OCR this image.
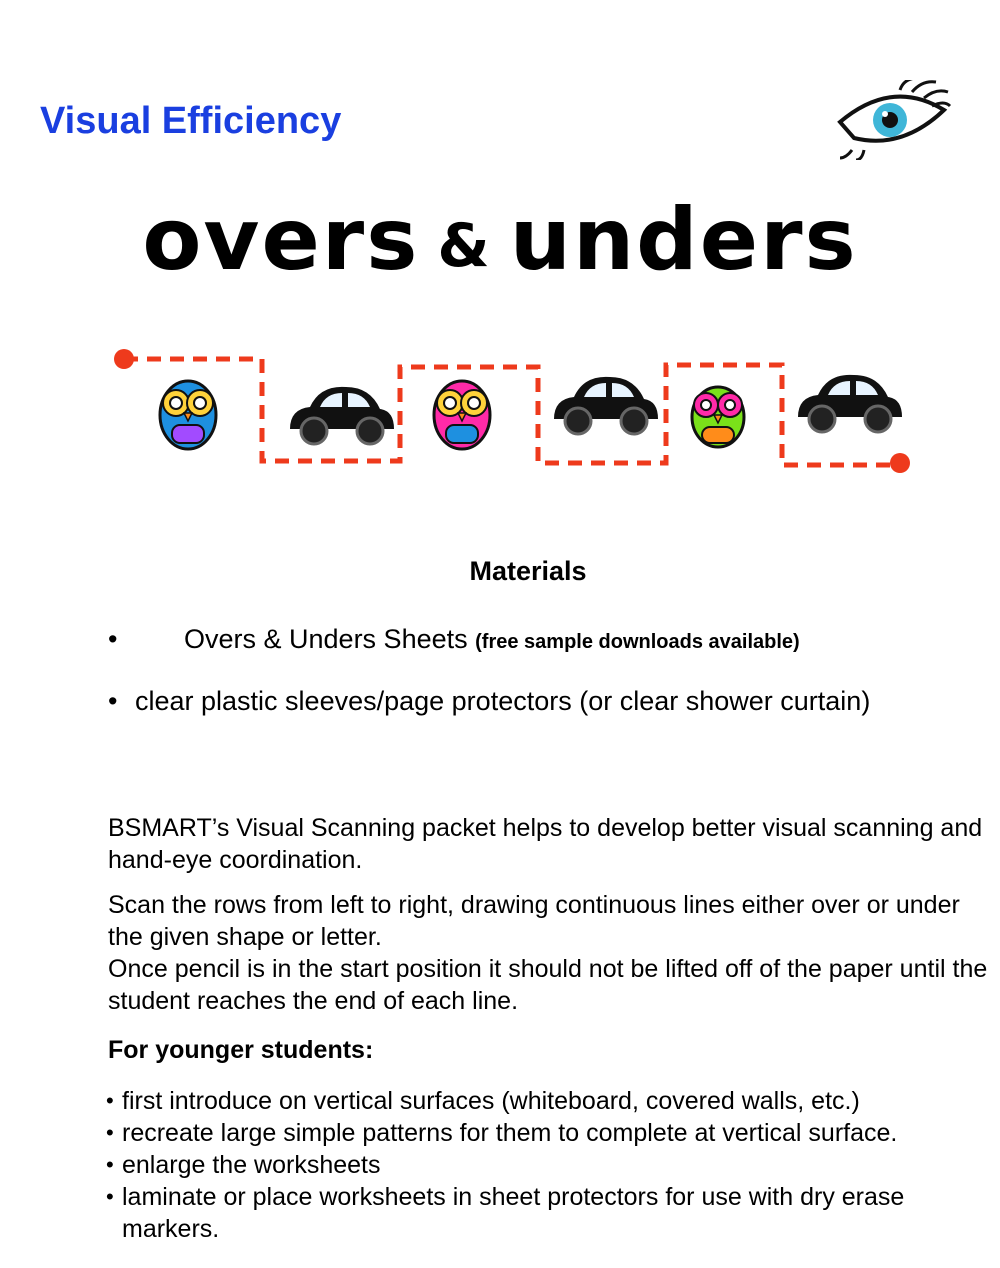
Visual Efficiency
overs & unders
Materials
• Overs & Unders Sheets (free sample downloads available)
• clear plastic sleeves/page protectors (or clear shower curtain)
BSMART’s Visual Scanning packet helps to develop better visual scanning and hand-eye coordination.
Scan the rows from left to right, drawing continuous lines either over or under the given shape or letter.
Once pencil is in the start position it should not be lifted off of the paper until the student reaches the end of each line.
For younger students:
• first introduce on vertical surfaces (whiteboard, covered walls, etc.)
• recreate large simple patterns for them to complete at vertical surface.
• enlarge the worksheets
• laminate or place worksheets in sheet protectors for use with dry erase markers.
